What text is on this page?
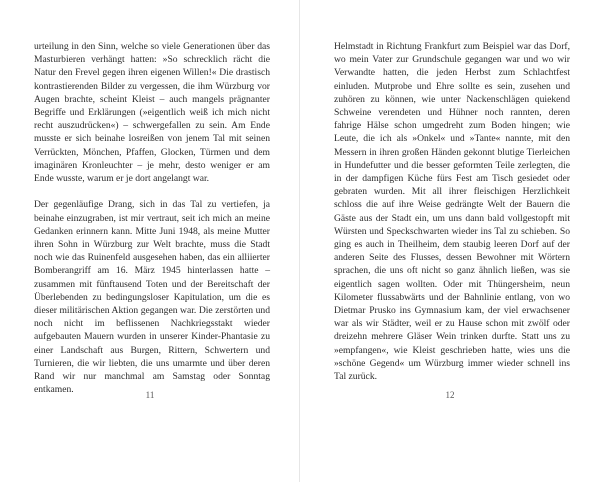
urteilung in den Sinn, welche so viele Generationen über das Masturbieren verhängt hatten: »So schrecklich rächt die Natur den Frevel gegen ihren eigenen Willen!« Die drastisch kontrastierenden Bilder zu vergessen, die ihm Würzburg vor Augen brachte, scheint Kleist – auch mangels prägnanter Begriffe und Erklärungen (»eigentlich weiß ich mich nicht recht auszudrücken«) – schwergefallen zu sein. Am Ende musste er sich beinahe losreißen von jenem Tal mit seinen Verrückten, Mönchen, Pfaffen, Glocken, Türmen und dem imaginären Kronleuchter – je mehr, desto weniger er am Ende wusste, warum er je dort angelangt war.

Der gegenläufige Drang, sich in das Tal zu vertiefen, ja beinahe einzugraben, ist mir vertraut, seit ich mich an meine Gedanken erinnern kann. Mitte Juni 1948, als meine Mutter ihren Sohn in Würzburg zur Welt brachte, muss die Stadt noch wie das Ruinenfeld ausgesehen haben, das ein alliierter Bomberangriff am 16. März 1945 hinterlassen hatte – zusammen mit fünftausend Toten und der Bereitschaft der Überlebenden zu bedingungsloser Kapitulation, um die es dieser militärischen Aktion gegangen war. Die zerstörten und noch nicht im beflissenen Nachkriegsstakt wieder aufgebauten Mauern wurden in unserer Kinder-Phantasie zu einer Landschaft aus Burgen, Rittern, Schwertern und Turnieren, die wir liebten, die uns umarmte und über deren Rand wir nur manchmal am Samstag oder Sonntag entkamen.	11

Helmstadt in Richtung Frankfurt zum Beispiel war das Dorf, wo mein Vater zur Grundschule gegangen war und wo wir Verwandte hatten, die jeden Herbst zum Schlachtfest einluden. Mutprobe und Ehre sollte es sein, zusehen und zuhören zu können, wie unter Nackenschlägen quiekend Schweine verendeten und Hühner noch rannten, deren fahrige Hälse schon umgedreht zum Boden hingen; wie Leute, die ich als »Onkel« und »Tante« nannte, mit den Messern in ihren großen Händen gekonnt blutige Tierleichen in Hundefutter und die besser geformten Teile zerlegten, die in der dampfigen Küche fürs Fest am Tisch gesiedet oder gebraten wurden. Mit all ihrer fleischigen Herzlichkeit schloss die auf ihre Weise gedrängte Welt der Bauern die Gäste aus der Stadt ein, um uns dann bald vollgestopft mit Würsten und Speckschwarten wieder ins Tal zu schieben. So ging es auch in Theilheim, dem staubig leeren Dorf auf der anderen Seite des Flusses, dessen Bewohner mit Wörtern sprachen, die uns oft nicht so ganz ähnlich ließen, was sie eigentlich sagen wollten. Oder mit Thüngersheim, neun Kilometer flussabwärts und der Bahnlinie entlang, von wo Dietmar Prusko ins Gymnasium kam, der viel erwachsener war als wir Städter, weil er zu Hause schon mit zwölf oder dreizehn mehrere Gläser Wein trinken durfte. Statt uns zu »empfangen«, wie Kleist geschrieben hatte, wies uns die »schöne Gegend« um Würzburg immer wieder schnell ins Tal zurück.

12
